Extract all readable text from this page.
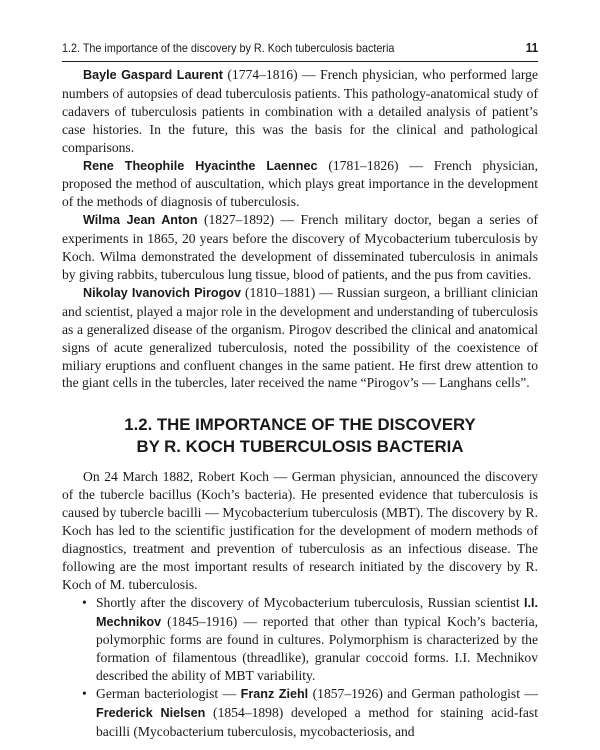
1.2. The importance of the discovery by R. Koch tuberculosis bacteria	11

Bayle Gaspard Laurent (1774–1816) — French physician, who performed large numbers of autopsies of dead tuberculosis patients. This pathology-anatomical study of cadavers of tuberculosis patients in combination with a detailed analysis of patient’s case histories. In the future, this was the basis for the clinical and pathological comparisons.

Rene Theophile Hyacinthe Laennec (1781–1826) — French physician, proposed the method of auscultation, which plays great importance in the development of the methods of diagnosis of tuberculosis.

Wilma Jean Anton (1827–1892) — French military doctor, began a series of experiments in 1865, 20 years before the discovery of Mycobacterium tuberculosis by Koch. Wilma demonstrated the development of disseminated tuberculosis in animals by giving rabbits, tuberculous lung tissue, blood of patients, and the pus from cavities.

Nikolay Ivanovich Pirogov (1810–1881) — Russian surgeon, a brilliant clinician and scientist, played a major role in the development and understanding of tuberculosis as a generalized disease of the organism. Pirogov described the clinical and anatomical signs of acute generalized tuberculosis, noted the possibility of the coexistence of miliary eruptions and confluent changes in the same patient. He first drew attention to the giant cells in the tubercles, later received the name “Pirogov’s — Langhans cells”.

1.2. THE IMPORTANCE OF THE DISCOVERY
BY R. KOCH TUBERCULOSIS BACTERIA

On 24 March 1882, Robert Koch — German physician, announced the discovery of the tubercle bacillus (Koch’s bacteria). He presented evidence that tuberculosis is caused by tubercle bacilli — Mycobacterium tuberculosis (MBT). The discovery by R. Koch has led to the scientific justification for the development of modern methods of diagnostics, treatment and prevention of tuberculosis as an infectious disease. The following are the most important results of research initiated by the discovery by R. Koch of M. tuberculosis.

• Shortly after the discovery of Mycobacterium tuberculosis, Russian scientist I.I. Mechnikov (1845–1916) — reported that other than typical Koch’s bacteria, polymorphic forms are found in cultures. Polymorphism is characterized by the formation of filamentous (threadlike), granular coccoid forms. I.I. Mechnikov described the ability of MBT variability.
• German bacteriologist — Franz Ziehl (1857–1926) and German pathologist — Frederick Nielsen (1854–1898) developed a method for staining acid-fast bacilli (Mycobacterium tuberculosis, mycobacteriosis, and
